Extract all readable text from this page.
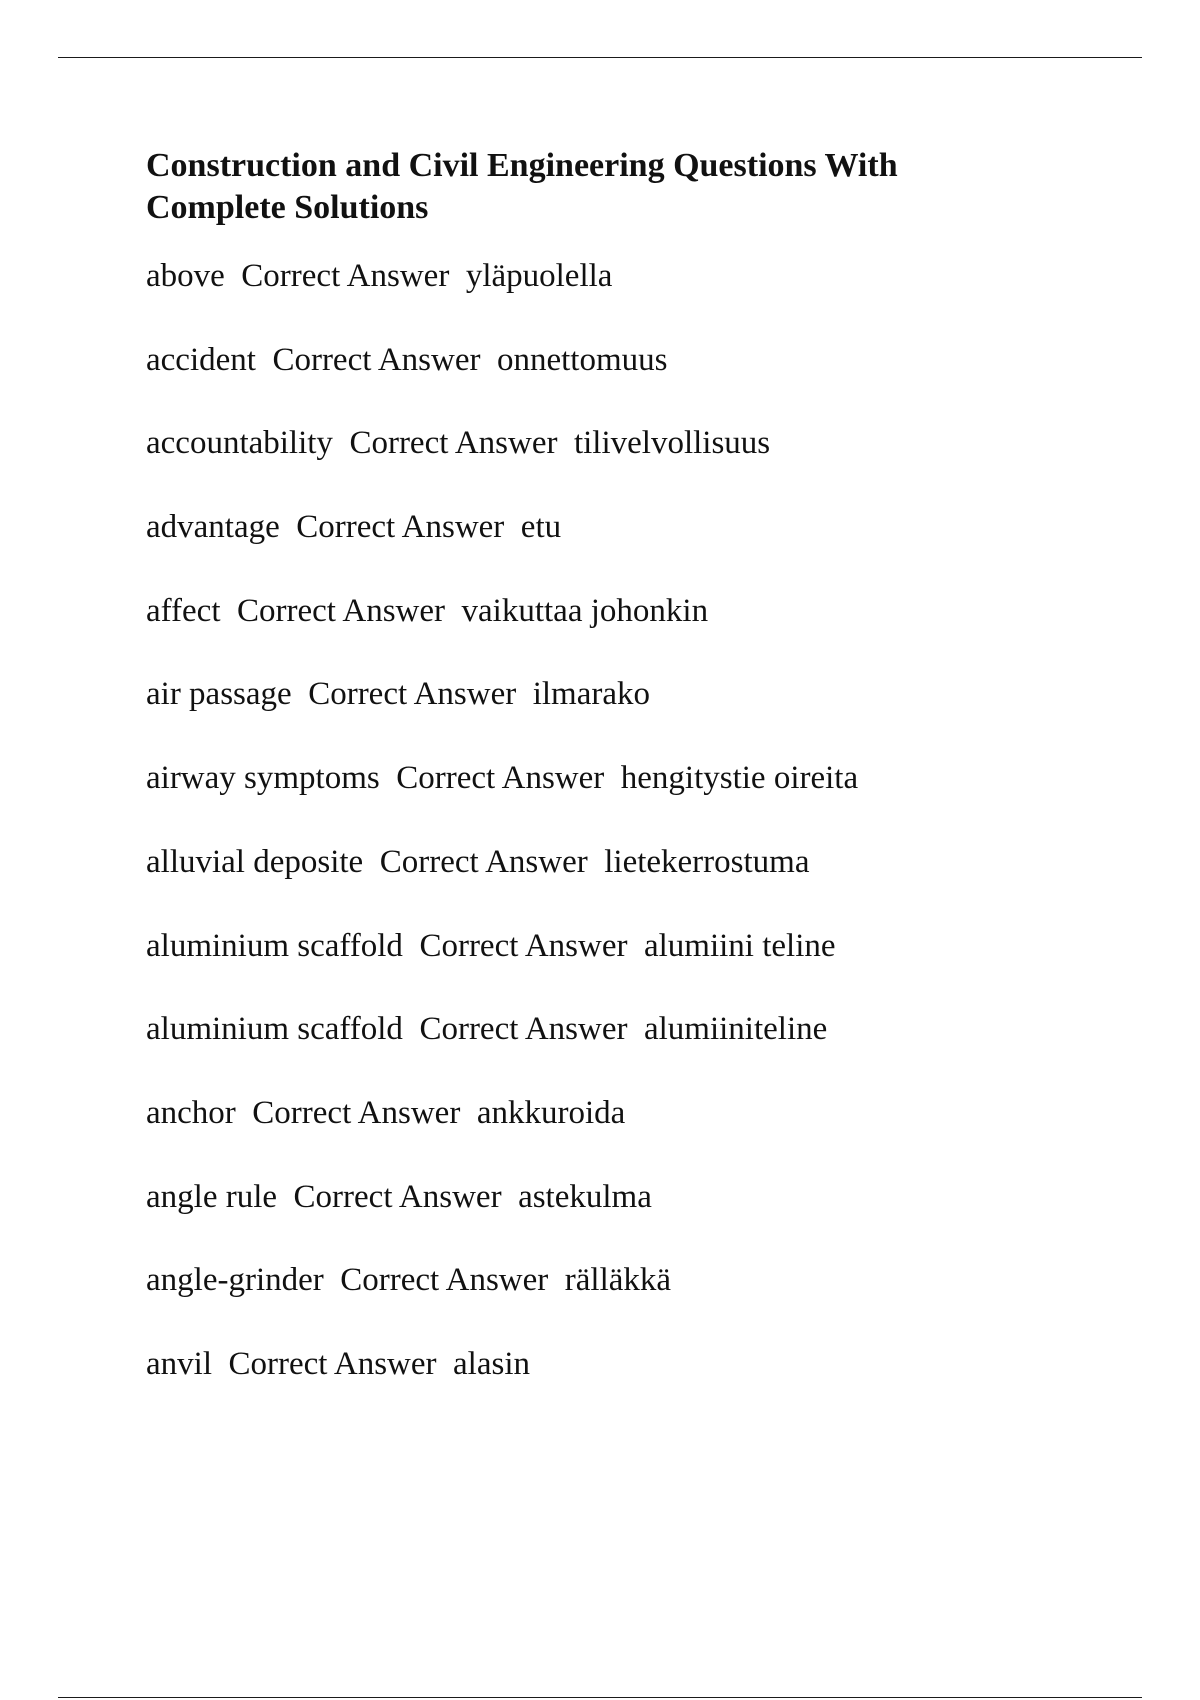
Construction and Civil Engineering Questions With
Complete Solutions
above Correct Answer yläpuolella
accident Correct Answer onnettomuus
accountability Correct Answer tilivelvollisuus
advantage Correct Answer etu
affect Correct Answer vaikuttaa johonkin
air passage Correct Answer ilmarako
airway symptoms Correct Answer hengitystie oireita
alluvial deposite Correct Answer lietekerrostuma
aluminium scaffold Correct Answer alumiini teline
aluminium scaffold Correct Answer alumiiniteline
anchor Correct Answer ankkuroida
angle rule Correct Answer astekulma
angle-grinder Correct Answer rälläkkä
anvil Correct Answer alasin
